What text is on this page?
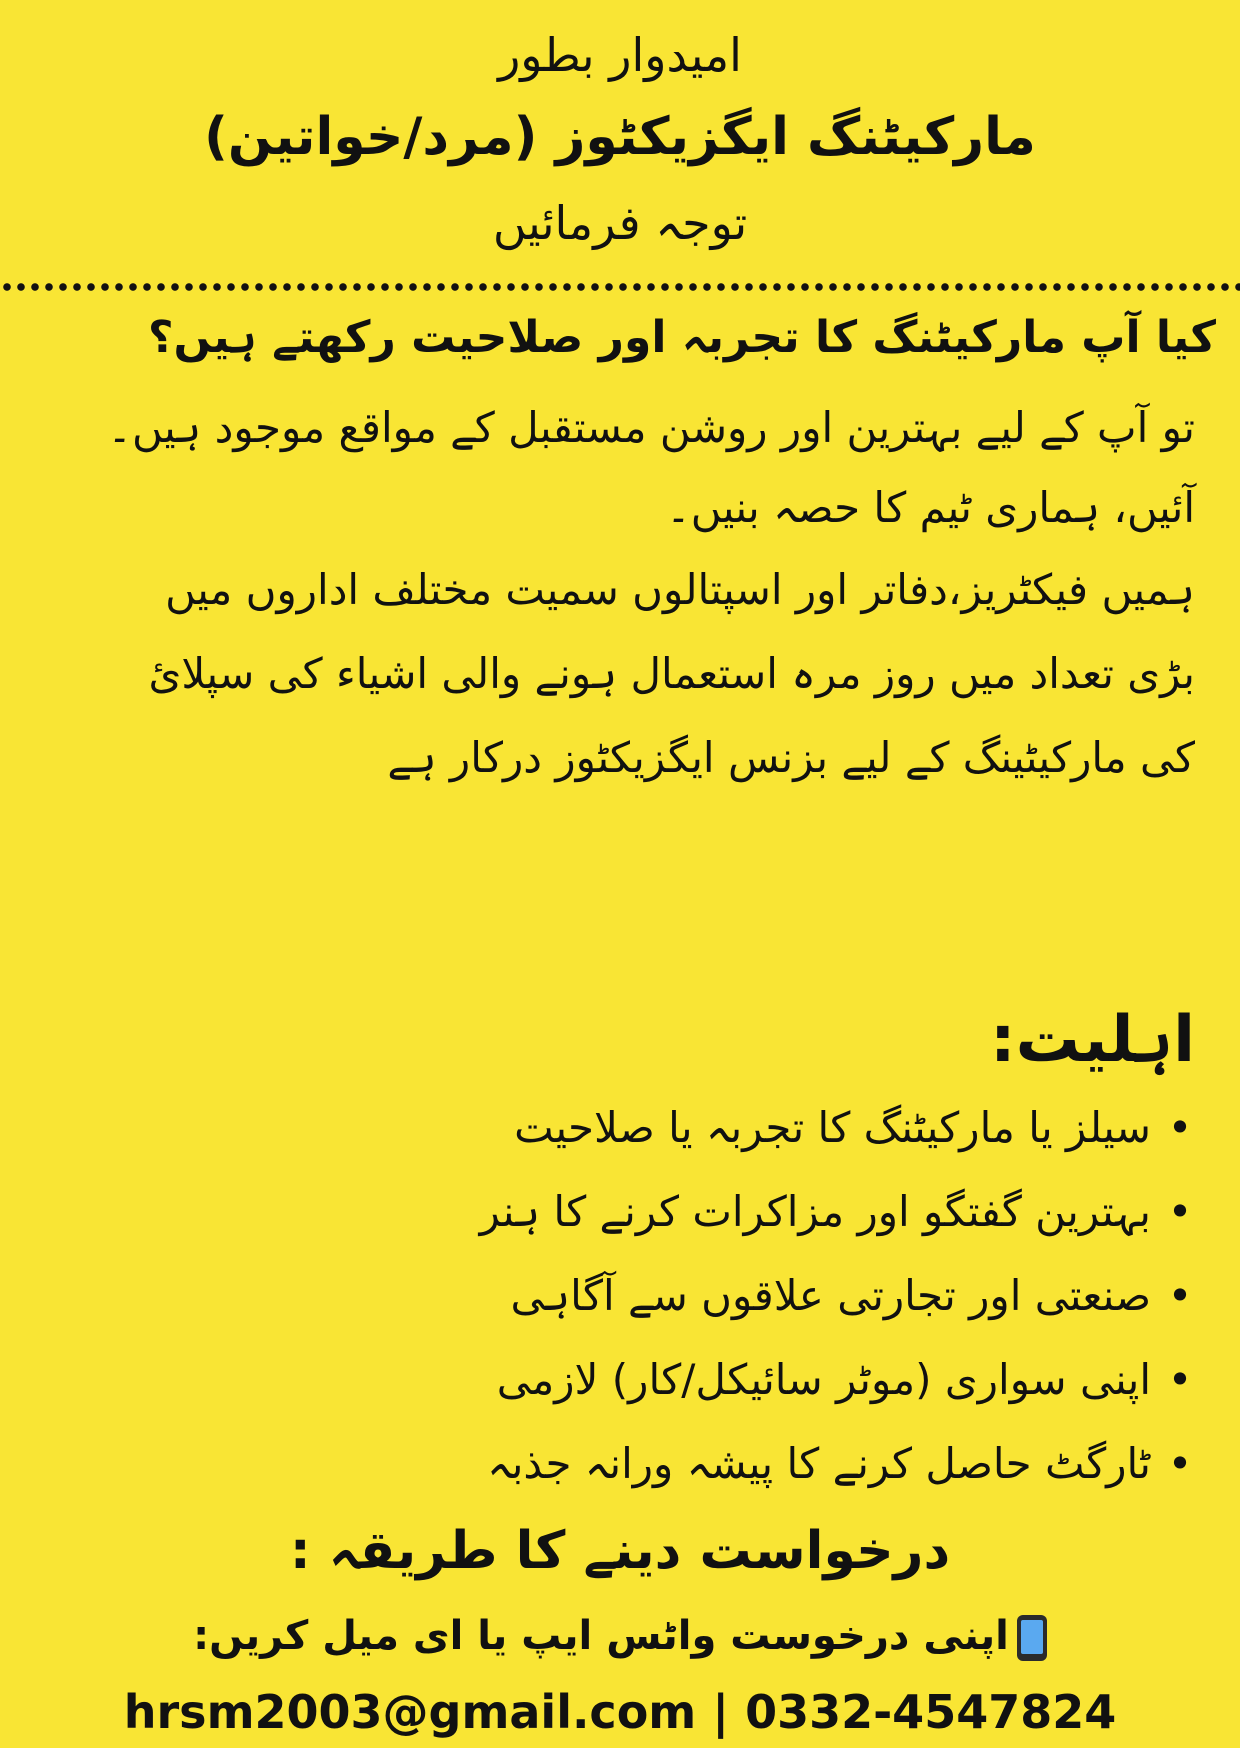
امیدوار بطور
مارکیٹنگ ایگزیکٹوز (مرد/خواتین)
توجہ فرمائیں
کیا آپ مارکیٹنگ کا تجربہ اور صلاحیت رکھتے ہیں؟

تو آپ کے لیے بہترین اور روشن مستقبل کے مواقع موجود ہیں۔

آئیں، ہماری ٹیم کا حصہ بنیں۔

ہمیں فیکٹریز،دفاتر اور اسپتالوں سمیت مختلف اداروں میں بڑی تعداد میں روز مرہ استعمال ہونے والی اشیاء کی سپلائ کی مارکیٹینگ کے لیے بزنس ایگزیکٹوز درکار ہے

اہلیت:
•سیلز یا مارکیٹنگ کا تجربہ یا صلاحیت
•بہترین گفتگو اور مزاکرات کرنے کا ہنر
•صنعتی اور تجارتی علاقوں سے آگاہی
•اپنی سواری (موٹر سائیکل/کار) لازمی
•ٹارگٹ حاصل کرنے کا پیشہ ورانہ جذبہ
درخواست دینے کا طریقہ :
اپنی درخوست واٹس ایپ یا ای میل کریں:
hrsm2003@gmail.com | 0332-4547824
